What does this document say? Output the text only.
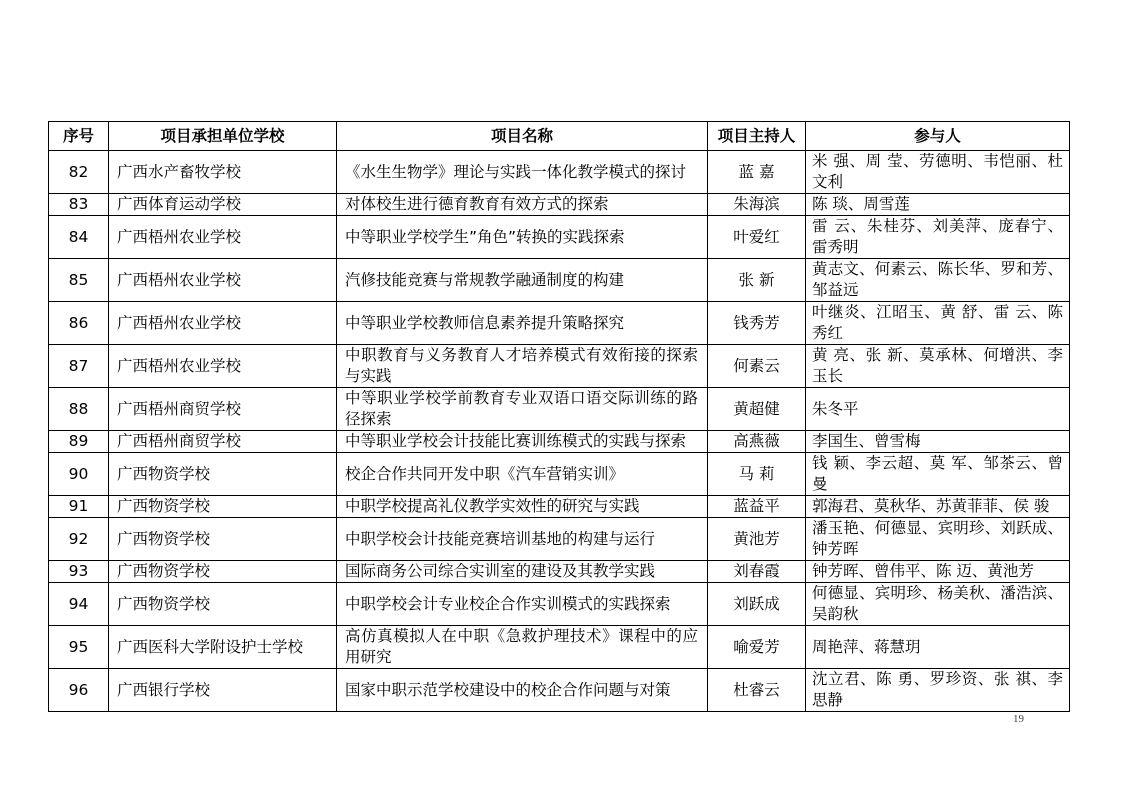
序号	项目承担单位学校	项目名称	项目主持人	参与人
82	广西水产畜牧学校	《水生生物学》理论与实践一体化教学模式的探讨	蓝 嘉	米 强、周 莹、劳德明、韦恺丽、杜文利
83	广西体育运动学校	对体校生进行德育教育有效方式的探索	朱海滨	陈 琰、周雪莲
84	广西梧州农业学校	中等职业学校学生”角色”转换的实践探索	叶爱红	雷 云、朱桂芬、刘美萍、庞春宁、雷秀明
85	广西梧州农业学校	汽修技能竞赛与常规教学融通制度的构建	张 新	黄志文、何素云、陈长华、罗和芳、邹益远
86	广西梧州农业学校	中等职业学校教师信息素养提升策略探究	钱秀芳	叶继炎、江昭玉、黄 舒、雷 云、陈秀红
87	广西梧州农业学校	中职教育与义务教育人才培养模式有效衔接的探索与实践	何素云	黄 亮、张 新、莫承林、何增洪、李玉长
88	广西梧州商贸学校	中等职业学校学前教育专业双语口语交际训练的路径探索	黄超健	朱冬平
89	广西梧州商贸学校	中等职业学校会计技能比赛训练模式的实践与探索	高燕薇	李国生、曾雪梅
90	广西物资学校	校企合作共同开发中职《汽车营销实训》	马 莉	钱 颖、李云超、莫 军、邹茶云、曾曼
91	广西物资学校	中职学校提高礼仪教学实效性的研究与实践	蓝益平	郭海君、莫秋华、苏黄菲菲、侯 骏
92	广西物资学校	中职学校会计技能竞赛培训基地的构建与运行	黄池芳	潘玉艳、何德显、宾明珍、刘跃成、钟芳晖
93	广西物资学校	国际商务公司综合实训室的建设及其教学实践	刘春霞	钟芳晖、曾伟平、陈 迈、黄池芳
94	广西物资学校	中职学校会计专业校企合作实训模式的实践探索	刘跃成	何德显、宾明珍、杨美秋、潘浩滨、吴韵秋
95	广西医科大学附设护士学校	高仿真模拟人在中职《急救护理技术》课程中的应用研究	喻爱芳	周艳萍、蒋慧玥
96	广西银行学校	国家中职示范学校建设中的校企合作问题与对策	杜睿云	沈立君、陈 勇、罗珍资、张 祺、李思静
19
